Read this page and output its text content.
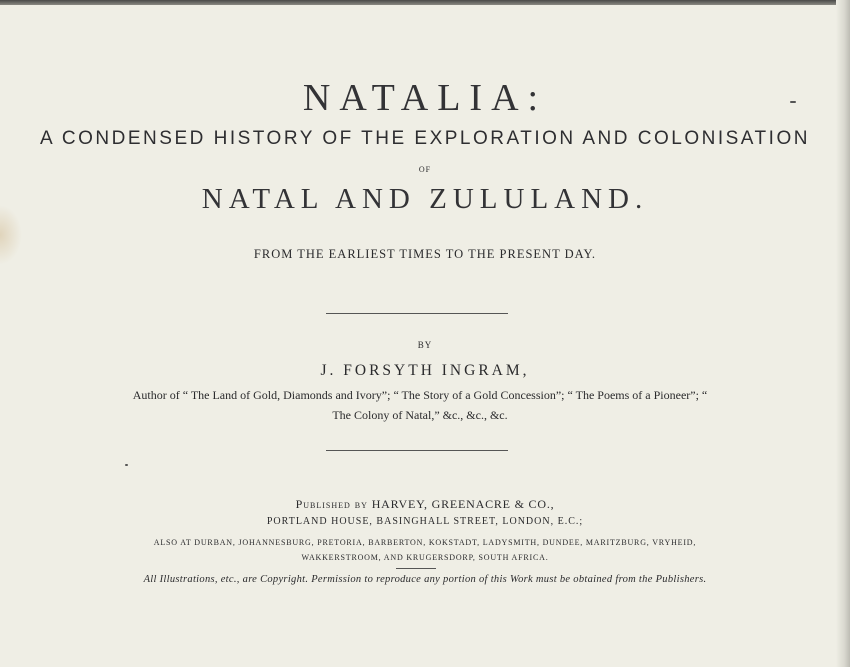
NATALIA:
A CONDENSED HISTORY OF THE EXPLORATION AND COLONISATION
OF
NATAL AND ZULULAND.
FROM THE EARLIEST TIMES TO THE PRESENT DAY.
BY
J. FORSYTH INGRAM,
Author of “ The Land of Gold, Diamonds and Ivory”; “ The Story of a Gold Concession”; “ The Poems of a Pioneer”; “ The Colony of Natal,” &c., &c., &c.
Published by HARVEY, GREENACRE & CO.,
PORTLAND HOUSE, BASINGHALL STREET, LONDON, E.C.;
ALSO AT DURBAN, JOHANNESBURG, PRETORIA, BARBERTON, KOKSTADT, LADYSMITH, DUNDEE, MARITZBURG, VRYHEID, WAKKERSTROOM, AND KRUGERSDORP, SOUTH AFRICA.
All Illustrations, etc., are Copyright. Permission to reproduce any portion of this Work must be obtained from the Publishers.
